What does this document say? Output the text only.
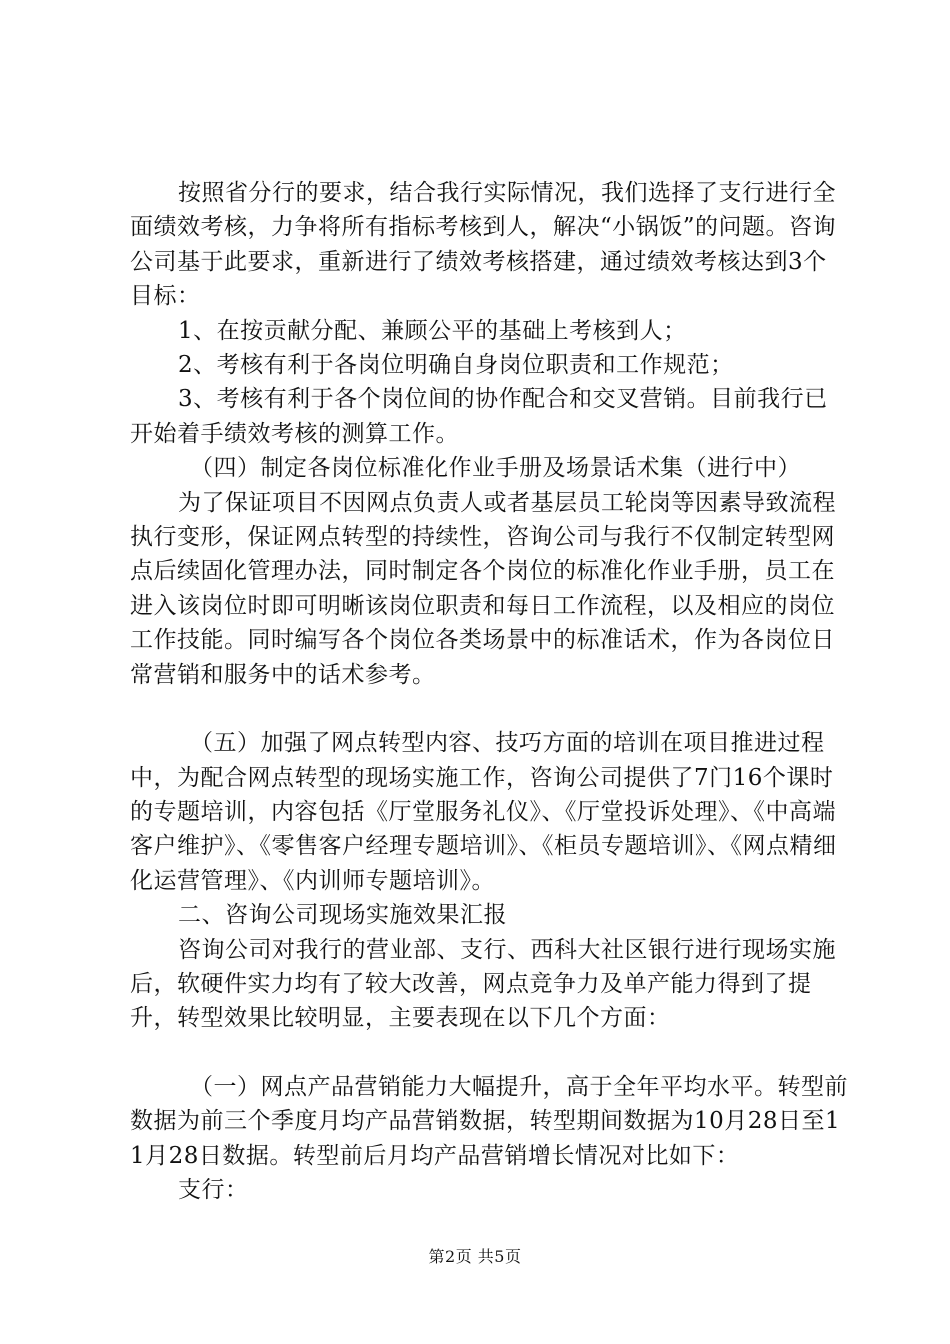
按照省分行的要求，结合我行实际情况，我们选择了支行进行全面绩效考核，力争将所有指标考核到人，解决“小锅饭”的问题。咨询公司基于此要求，重新进行了绩效考核搭建，通过绩效考核达到3个目标：

1、在按贡献分配、兼顾公平的基础上考核到人；

2、考核有利于各岗位明确自身岗位职责和工作规范；

3、考核有利于各个岗位间的协作配合和交叉营销。目前我行已开始着手绩效考核的测算工作。

（四）制定各岗位标准化作业手册及场景话术集（进行中）

为了保证项目不因网点负责人或者基层员工轮岗等因素导致流程执行变形，保证网点转型的持续性，咨询公司与我行不仅制定转型网点后续固化管理办法，同时制定各个岗位的标准化作业手册，员工在进入该岗位时即可明晰该岗位职责和每日工作流程，以及相应的岗位工作技能。同时编写各个岗位各类场景中的标准话术，作为各岗位日常营销和服务中的话术参考。

（五）加强了网点转型内容、技巧方面的培训在项目推进过程中，为配合网点转型的现场实施工作，咨询公司提供了7门16个课时的专题培训，内容包括《厅堂服务礼仪》、《厅堂投诉处理》、《中高端客户维护》、《零售客户经理专题培训》、《柜员专题培训》、《网点精细化运营管理》、《内训师专题培训》。

二、咨询公司现场实施效果汇报

咨询公司对我行的营业部、支行、西科大社区银行进行现场实施后，软硬件实力均有了较大改善，网点竞争力及单产能力得到了提升，转型效果比较明显，主要表现在以下几个方面：

（一）网点产品营销能力大幅提升，高于全年平均水平。转型前数据为前三个季度月均产品营销数据，转型期间数据为10月28日至11月28日数据。转型前后月均产品营销增长情况对比如下：

支行：

第2页 共5页
